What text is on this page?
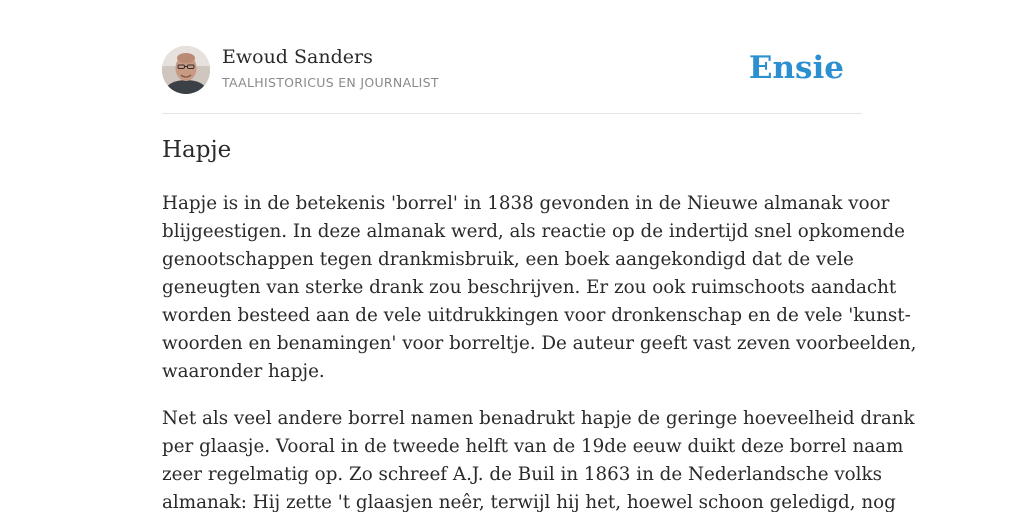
Ewoud Sanders
TAALHISTORICUS EN JOURNALIST	Ensie
Hapje

Hapje is in de betekenis 'borrel' in 1838 gevonden in de Nieuwe almanak voor
blijgeestigen. In deze almanak werd, als reactie op de indertijd snel opkomende
genootschappen tegen drankmisbruik, een boek aangekondigd dat de vele
geneugten van sterke drank zou beschrijven. Er zou ook ruimschoots aandacht
worden besteed aan de vele uitdrukkingen voor dronkenschap en de vele 'kunst-
woorden en benamingen' voor borreltje. De auteur geeft vast zeven voorbeelden,
waaronder hapje.

Net als veel andere borrel namen benadrukt hapje de geringe hoeveelheid drank
per glaasje. Vooral in de tweede helft van de 19de eeuw duikt deze borrel naam
zeer regelmatig op. Zo schreef A.J. de Buil in 1863 in de Nederlandsche volks
almanak: Hij zette 't glaasjen neêr, terwijl hij het, hoewel schoon geledigd, nog
